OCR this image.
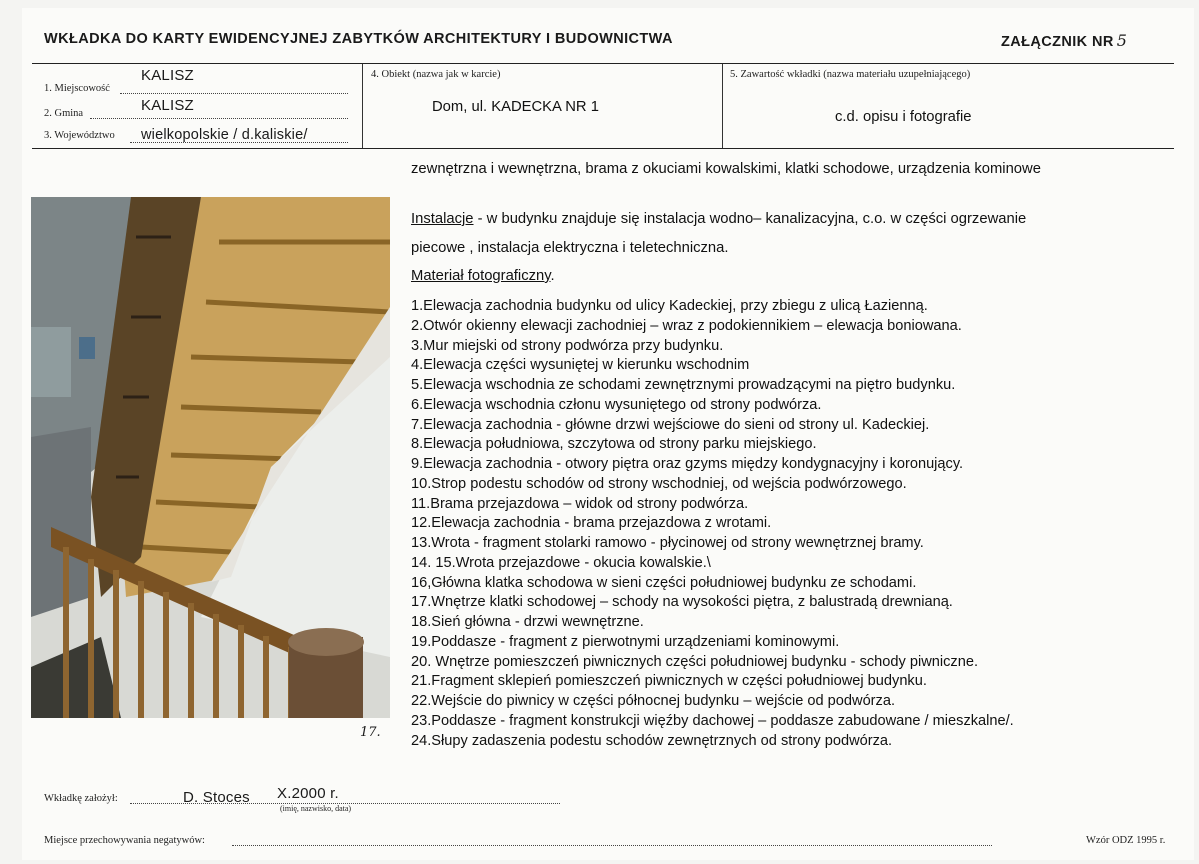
WKŁADKA DO KARTY EWIDENCYJNEJ ZABYTKÓW ARCHITEKTURY I BUDOWNICTWA	ZAŁĄCZNIK NR 5
1. Miejscowość
KALISZ
2. Gmina	KALISZ
3. Województwo wielkopolskie / d.kaliskie/
4. Obiekt (nazwa jak w karcie)
Dom, ul. KADECKA NR 1
5. Zawartość wkładki (nazwa materiału uzupełniającego)
c.d. opisu i fotografie
zewnętrzna i wewnętrzna, brama z okuciami kowalskimi, klatki schodowe, urządzenia kominowe
Instalacje - w budynku znajduje się instalacja wodno– kanalizacyjna, c.o. w części ogrzewanie
piecowe , instalacja elektryczna i teletechniczna.
Materiał fotograficzny.
1.Elewacja zachodnia budynku od ulicy Kadeckiej, przy zbiegu z ulicą Łazienną.
2.Otwór okienny elewacji zachodniej – wraz z podokiennikiem – elewacja boniowana.
3.Mur miejski od strony podwórza przy budynku.
4.Elewacja części wysuniętej w kierunku wschodnim
5.Elewacja wschodnia ze schodami zewnętrznymi prowadzącymi na piętro budynku.
6.Elewacja wschodnia członu wysuniętego od strony podwórza.
7.Elewacja zachodnia - główne drzwi wejściowe do sieni od strony ul. Kadeckiej.
8.Elewacja południowa, szczytowa od strony parku miejskiego.
9.Elewacja zachodnia - otwory piętra oraz gzyms między kondygnacyjny i koronujący.
10.Strop podestu schodów od strony wschodniej, od wejścia podwórzowego.
11.Brama przejazdowa – widok od strony podwórza.
12.Elewacja zachodnia - brama przejazdowa z wrotami.
13.Wrota - fragment stolarki ramowo - płycinowej od strony wewnętrznej bramy.
14. 15.Wrota przejazdowe - okucia kowalskie.\
16,Główna klatka schodowa w sieni części południowej budynku ze schodami.
17.Wnętrze klatki schodowej – schody na wysokości piętra, z balustradą drewnianą.
18.Sień główna - drzwi wewnętrzne.
19.Poddasze - fragment z pierwotnymi urządzeniami kominowymi.
20. Wnętrze pomieszczeń piwnicznych części południowej budynku - schody piwniczne.
21.Fragment sklepień pomieszczeń piwnicznych w części południowej budynku.
22.Wejście do piwnicy w części północnej budynku – wejście od podwórza.
23.Poddasze - fragment konstrukcji więźby dachowej – poddasze zabudowane / mieszkalne/.
24.Słupy zadaszenia podestu schodów zewnętrznych od strony podwórza.
17.
Wkładkę założył:	D. Stoces X.2000 r.
(imię, nazwisko, data)
Miejsce przechowywania negatywów:	Wzór ODZ 1995 r.
